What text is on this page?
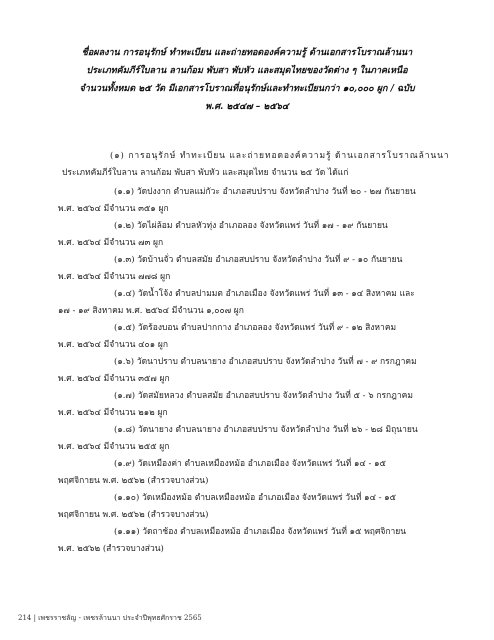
ชื่อผลงาน การอนุรักษ์ ทำทะเบียน และถ่ายทอดองค์ความรู้ ด้านเอกสารโบราณล้านนา
ประเภทคัมภีร์ใบลาน ลานก้อม พับสา พับหัว และสมุดไทยของวัดต่าง ๆ ในภาคเหนือ
จำนวนทั้งหมด ๒๕ วัด มีเอกสารโบราณที่อนุรักษ์และทำทะเบียนกว่า ๑๐,๐๐๐ ผูก / ฉบับ
พ.ศ. ๒๕๔๗ – ๒๕๖๔

(๑) การอนุรักษ์ ทำทะเบียน และถ่ายทอดองค์ความรู้ ด้านเอกสารโบราณล้านนา
ประเภทคัมภีร์ใบลาน ลานก้อม พับสา พับหัว และสมุดไทย จำนวน ๒๕ วัด ได้แก่

(๑.๑) วัดปงงาก ตำบลแม่กัวะ อำเภอสบปราบ จังหวัดลำปาง วันที่ ๒๐ - ๒๗ กันยายน
พ.ศ. ๒๕๖๔ มีจำนวน ๓๕๑ ผูก

(๑.๒) วัดไผ่ล้อม ตำบลหัวทุ่ง อำเภอลอง จังหวัดแพร่ วันที่ ๑๗ - ๑๙ กันยายน
พ.ศ. ๒๕๖๔ มีจำนวน ๗๓ ผูก

(๑.๓) วัดบ้านจั่ว ตำบลสมัย อำเภอสบปราบ จังหวัดลำปาง วันที่ ๙ - ๑๐ กันยายน
พ.ศ. ๒๕๖๔ มีจำนวน ๗๗๘ ผูก

(๑.๔) วัดน้ำโจ้ง ตำบลปามมต อำเภอเมือง จังหวัดแพร่ วันที่ ๑๓ - ๑๔ สิงหาคม และ
๑๗ - ๑๙ สิงหาคม พ.ศ. ๒๕๖๔ มีจำนวน ๑,๐๐๗ ผูก

(๑.๕) วัดร้องบอน ตำบลปากกาง อำเภอลอง จังหวัดแพร่ วันที่ ๙ - ๑๒ สิงหาคม
พ.ศ. ๒๕๖๔ มีจำนวน ๔๐๑ ผูก

(๑.๖) วัดนาปราบ ตำบลนายาง อำเภอสบปราบ จังหวัดลำปาง วันที่ ๗ - ๙ กรกฎาคม
พ.ศ. ๒๕๖๔ มีจำนวน ๓๕๗ ผูก

(๑.๗) วัดสมัยหลวง ตำบลสมัย อำเภอสบปราบ จังหวัดลำปาง วันที่ ๕ - ๖ กรกฎาคม
พ.ศ. ๒๕๖๔ มีจำนวน ๒๑๒ ผูก

(๑.๘) วัดนายาง ตำบลนายาง อำเภอสบปราบ จังหวัดลำปาง วันที่ ๒๖ - ๒๘ มิถุนายน
พ.ศ. ๒๕๖๔ มีจำนวน ๒๕๕ ผูก

(๑.๙) วัดเหมืองค่า ตำบลเหมืองหม้อ อำเภอเมือง จังหวัดแพร่ วันที่ ๑๔ - ๑๕
พฤศจิกายน พ.ศ. ๒๕๖๒ (สำรวจบางส่วน)

(๑.๑๐) วัดเหมืองหม้อ ตำบลเหมืองหม้อ อำเภอเมือง จังหวัดแพร่ วันที่ ๑๔ - ๑๕
พฤศจิกายน พ.ศ. ๒๕๖๒ (สำรวจบางส่วน)

(๑.๑๑) วัดถาช้อง ตำบลเหมืองหม้อ อำเภอเมือง จังหวัดแพร่ วันที่ ๑๕ พฤศจิกายน
พ.ศ. ๒๕๖๒ (สำรวจบางส่วน)

214 | เพชรราชลัญ - เพชรล้านนา ประจำปีพุทธศักราช 2565
